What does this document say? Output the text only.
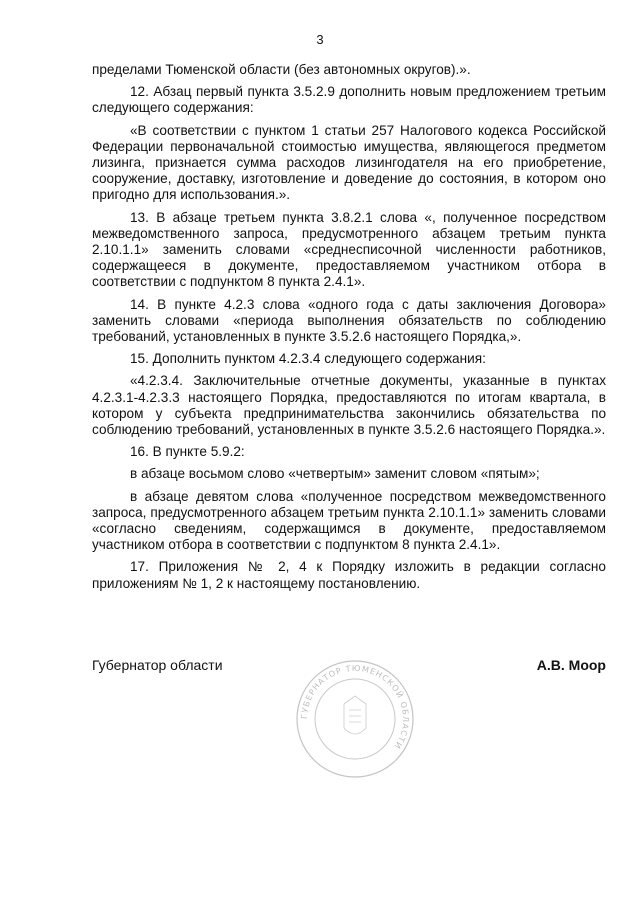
3

пределами Тюменской области (без автономных округов).».

12. Абзац первый пункта 3.5.2.9 дополнить новым предложением третьим следующего содержания:

«В соответствии с пунктом 1 статьи 257 Налогового кодекса Российской Федерации первоначальной стоимостью имущества, являющегося предметом лизинга, признается сумма расходов лизингодателя на его приобретение, сооружение, доставку, изготовление и доведение до состояния, в котором оно пригодно для использования.».

13. В абзаце третьем пункта 3.8.2.1 слова «, полученное посредством межведомственного запроса, предусмотренного абзацем третьим пункта 2.10.1.1» заменить словами «среднесписочной численности работников, содержащееся в документе, предоставляемом участником отбора в соответствии с подпунктом 8 пункта 2.4.1».

14. В пункте 4.2.3 слова «одного года с даты заключения Договора» заменить словами «периода выполнения обязательств по соблюдению требований, установленных в пункте 3.5.2.6 настоящего Порядка,».

15. Дополнить пунктом 4.2.3.4 следующего содержания:

«4.2.3.4. Заключительные отчетные документы, указанные в пунктах 4.2.3.1-4.2.3.3 настоящего Порядка, предоставляются по итогам квартала, в котором у субъекта предпринимательства закончились обязательства по соблюдению требований, установленных в пункте 3.5.2.6 настоящего Порядка.».

16. В пункте 5.9.2:

в абзаце восьмом слово «четвертым» заменит словом «пятым»;

в абзаце девятом слова «полученное посредством межведомственного запроса, предусмотренного абзацем третьим пункта 2.10.1.1» заменить словами «согласно сведениям, содержащимся в документе, предоставляемом участником отбора в соответствии с подпунктом 8 пункта 2.4.1».

17. Приложения № 2, 4 к Порядку изложить в редакции согласно приложениям № 1, 2 к настоящему постановлению.

ГУБЕРНАТОР ТЮМЕНСКОЙ ОБЛАСТИ
Губернатор области	А.В. Моор
